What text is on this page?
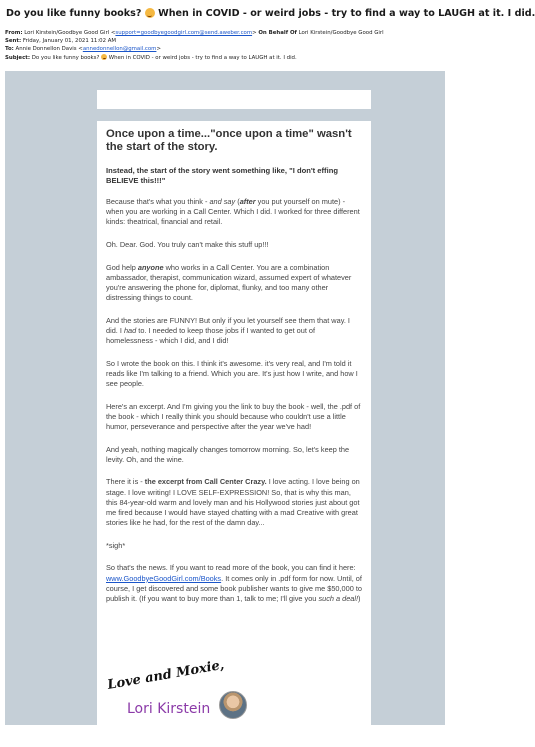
Do you like funny books?  When in COVID - or weird jobs - try to find a way to LAUGH at it. I did.
From: Lori Kirstein/Goodbye Good Girl <support=goodbyegoodgirl.com@send.aweber.com> On Behalf Of Lori Kirstein/Goodbye Good Girl
Sent: Friday, January 01, 2021 11:02 AM
To: Annie Donnellon Davis <annedonnellon@gmail.com>
Subject: Do you like funny books?  When in COVID - or weird jobs - try to find a way to LAUGH at it. I did.
Once upon a time..."once upon a time" wasn't the start of the story.
Instead, the start of the story went something like, "I don't effing BELIEVE this!!!"

Because that's what you think - and say (after you put yourself on mute) - when you are working in a Call Center. Which I did. I worked for three different kinds: theatrical, financial and retail.

Oh. Dear. God. You truly can't make this stuff up!!!

God help anyone who works in a Call Center. You are a combination ambassador, therapist, communication wizard, assumed expert of whatever you're answering the phone for, diplomat, flunky, and too many other distressing things to count.

And the stories are FUNNY! But only if you let yourself see them that way. I did. I had to. I needed to keep those jobs if I wanted to get out of homelessness - which I did, and I did!

So I wrote the book on this. I think it's awesome. it's very real, and I'm told it reads like I'm talking to a friend. Which you are. It's just how I write, and how I see people.

Here's an excerpt. And I'm giving you the link to buy the book - well, the .pdf of the book - which I really think you should because who couldn't use a little humor, perseverance and perspective after the year we've had!

And yeah, nothing magically changes tomorrow morning. So, let's keep the levity. Oh, and the wine.

There it is - the excerpt from Call Center Crazy. I love acting. I love being on stage. I love writing! I LOVE SELF-EXPRESSION! So, that is why this man, this 84-year-old warm and lovely man and his Hollywood stories just about got me fired because I would have stayed chatting with a mad Creative with great stories like he had, for the rest of the damn day...

*sigh*

So that's the news. If you want to read more of the book, you can find it here: www.GoodbyeGoodGirl.com/Books. It comes only in .pdf form for now. Until, of course, I get discovered and some book publisher wants to give me $50,000 to publish it. (If you want to buy more than 1, talk to me; I'll give you such a deal!)

Love and Moxie,
Lori Kirstein
